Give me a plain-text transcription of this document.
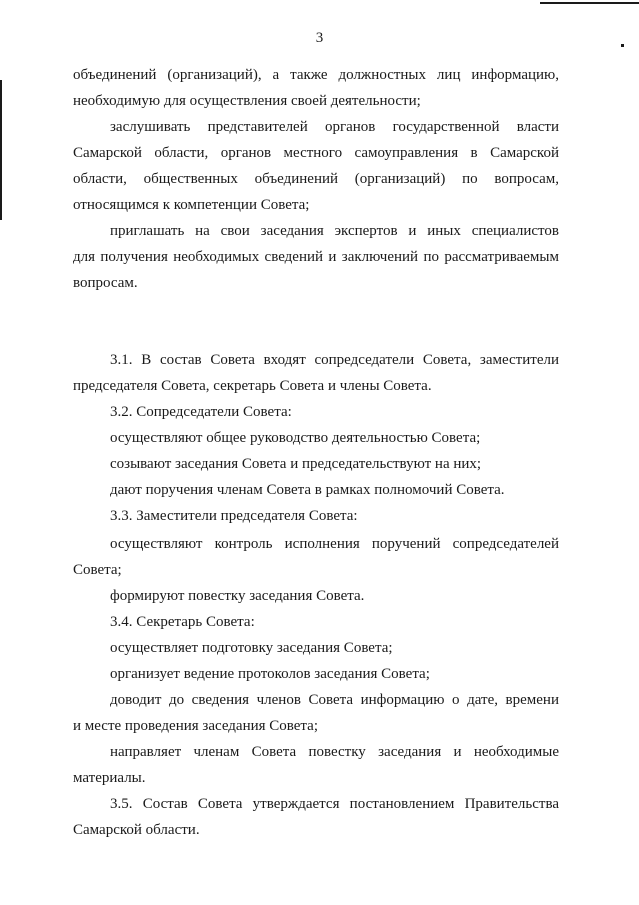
3
объединений (организаций), а также должностных лиц информацию,
необходимую для осуществления своей деятельности;
заслушивать представителей органов государственной власти
Самарской области, органов местного самоуправления в Самарской
области, общественных объединений (организаций) по вопросам,
относящимся к компетенции Совета;
приглашать на свои заседания экспертов и иных специалистов
для получения необходимых сведений и заключений по рассматриваемым
вопросам.
3.1. В состав Совета входят сопредседатели Совета, заместители
председателя Совета, секретарь Совета и члены Совета.
3.2. Сопредседатели Совета:
осуществляют общее руководство деятельностью Совета;
созывают заседания Совета и председательствуют на них;
дают поручения членам Совета в рамках полномочий Совета.
3.3. Заместители председателя Совета:
осуществляют контроль исполнения поручений сопредседателей
Совета;
формируют повестку заседания Совета.
3.4. Секретарь Совета:
осуществляет подготовку заседания Совета;
организует ведение протоколов заседания Совета;
доводит до сведения членов Совета информацию о дате, времени
и месте проведения заседания Совета;
направляет членам Совета повестку заседания и необходимые
материалы.
3.5. Состав Совета утверждается постановлением Правительства
Самарской области.
